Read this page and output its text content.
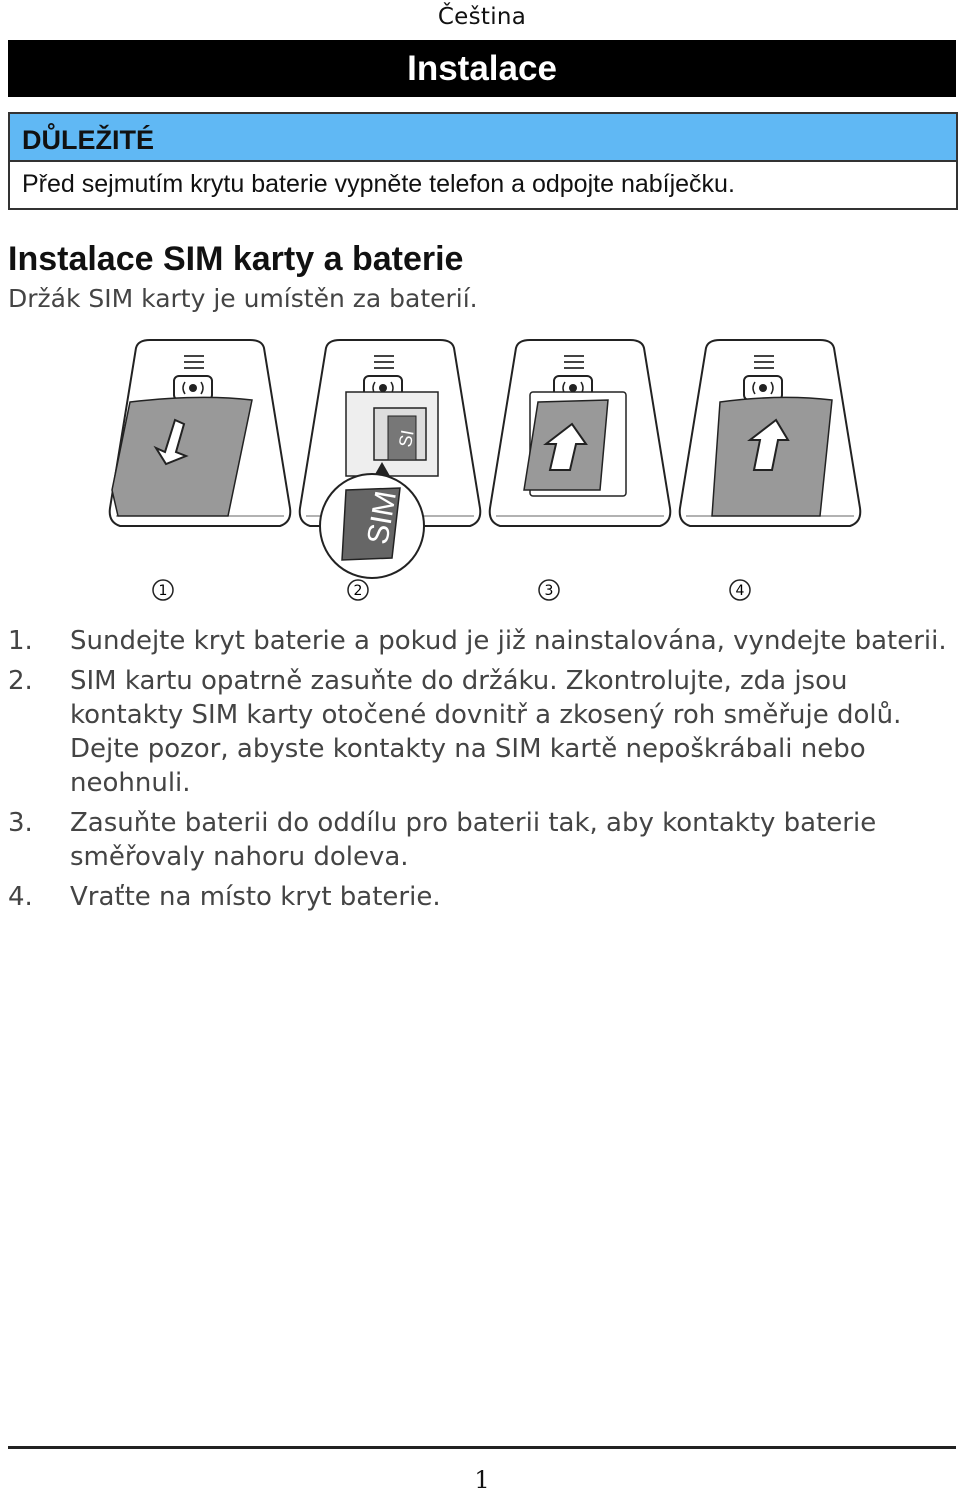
Čeština
Instalace
DŮLEŽITÉ
Před sejmutím krytu baterie vypněte telefon a odpojte nabíječku.
Instalace SIM karty a baterie
Držák SIM karty je umístěn za baterií.
SI
SIM
1	2	3	4
1. Sundejte kryt baterie a pokud je již nainstalována, vyndejte baterii.
2. SIM kartu opatrně zasuňte do držáku. Zkontrolujte, zda jsou kontakty SIM karty otočené dovnitř a zkosený roh směřuje dolů. Dejte pozor, abyste kontakty na SIM kartě nepoškrábali nebo neohnuli.
3. Zasuňte baterii do oddílu pro baterii tak, aby kontakty baterie směřovaly nahoru doleva.
4. Vraťte na místo kryt baterie.
1
